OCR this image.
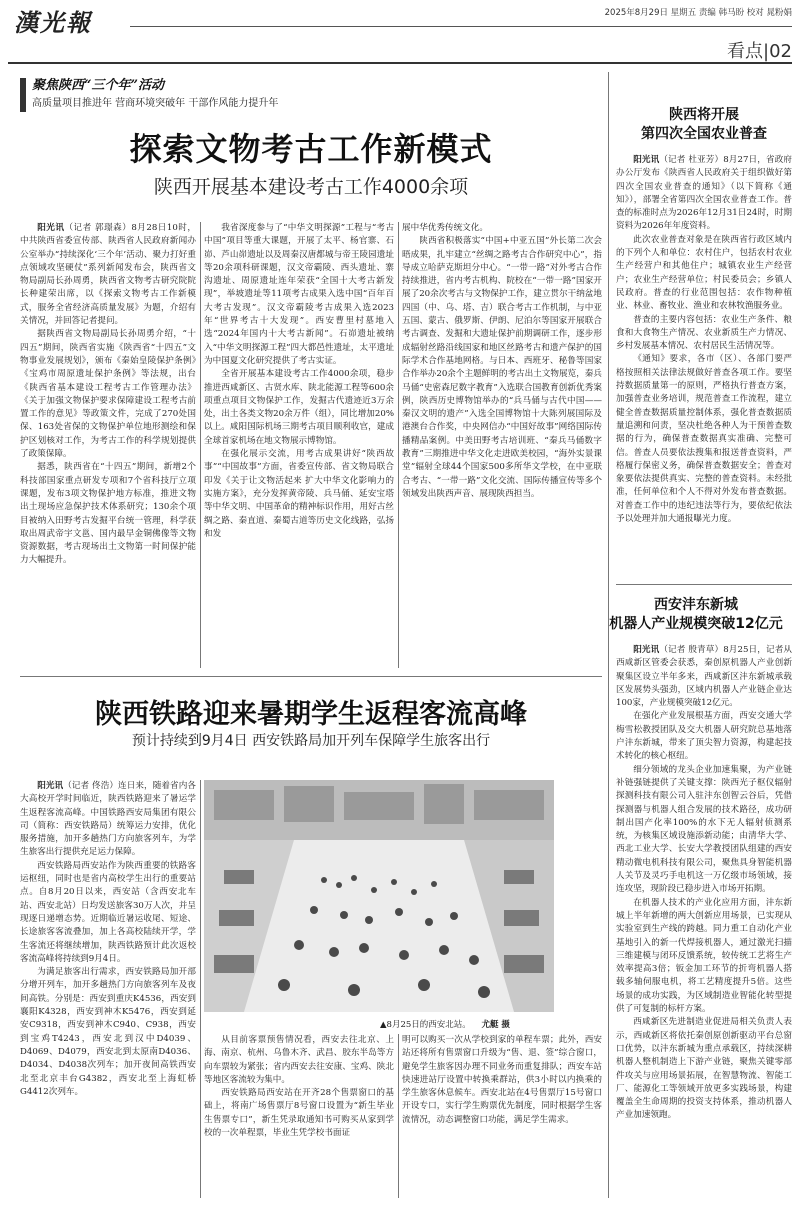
漢光報	2025年8月29日 星期五 责编 韩马盼 校对 晁粉娟
看点|02
聚焦陕西“三个年”活动
高质量项目推进年 营商环境突破年 干部作风能力提升年
探索文物考古工作新模式
陕西开展基本建设考古工作4000余项

阳光讯（记者 郭璟森）8月28日10时，中共陕西省委宣传部、陕西省人民政府新闻办公室举办“持续深化‘三个年’活动、聚力打好重点领域攻坚硬仗”系列新闻发布会，陕西省文物局副局长孙周勇，陕西省文物考古研究院院长种建荣出席，以《探索文物考古工作新模式，服务全省经济高质量发展》为题，介绍有关情况，并回答记者提问。

据陕西省文物局副局长孙周勇介绍，“十四五”期间，陕西省实施《陕西省“十四五”文物事业发展规划》，颁布《秦始皇陵保护条例》《宝鸡市周原遗址保护条例》等法规，出台《陕西省基本建设工程考古工作管理办法》《关于加强文物保护要求保障建设工程考古前置工作的意见》等政策文件，完成了270处国保、163处省保的文物保护单位地形测绘和保护区划核对工作，为考古工作的科学规划提供了政策保障。

据悉，陕西省在“十四五”期间，新增2个科技部国家重点研发专项和7个省科技厅立项课题，发布3项文物保护地方标准，推进文物出土现场应急保护技术体系研究；130余个项目被纳入田野考古发掘平台统一管理，科学获取出周武帝宇文邕、国内最早金铜佛像等文物资源数据，考古现场出土文物第一时间保护能力大幅提升。

我省深度参与了“中华文明探源”工程与“考古中国”项目等重大课题，开展了太平、杨官寨、石峁、芦山峁遗址以及周秦汉唐都城与帝王陵园遗址等20余项科研课题，汉文帝霸陵、西头遗址、寨沟遗址、周原遗址连年荣获“全国十大考古新发现”，举坡遗址等11项考古成果入选中国“百年百大考古发现”。汉文帝霸陵考古成果入选2023年“世界考古十大发现”。西安曹里村墓地入选“2024年国内十大考古新闻”。石峁遗址被纳入“中华文明探源工程”四大都邑性遗址，太平遗址为中国夏文化研究提供了考古实证。

全省开展基本建设考古工作4000余项，稳步推进西咸新区、古贤水库、陕北能源工程等600余项重点项目文物保护工作，发掘古代遗迹近3万余处，出土各类文物20余万件（组），同比增加20%以上。咸阳国际机场三期考古项目顺利收官，建成全球首家机场在地文物展示博物馆。

在强化展示交流，用考古成果讲好“陕西故事”“中国故事”方面，省委宣传部、省文物局联合印发《关于让文物活起来 扩大中华文化影响力的实施方案》，充分发挥黄帝陵、兵马俑、延安宝塔等中华文明、中国革命的精神标识作用，用好古丝绸之路、秦直道、秦蜀古道等历史文化线路，弘扬和发

展中华优秀传统文化。

陕西省积极落实“中国+中亚五国”外长第二次会晤成果，扎牢建立“丝绸之路考古合作研究中心”，指导成立哈萨克斯坦分中心。“一带一路”对外考古合作持续推进，省内考古机构、院校在“一带一路”国家开展了20余次考古与文物保护工作，建立贯尔干纳盆地四国（中、乌、塔、吉）联合考古工作机制，与中亚五国、蒙古、俄罗斯、伊朗、尼泊尔等国家开展联合考古调查、发掘和大遗址保护前期调研工作，逐步形成辐射丝路沿线国家和地区丝路考古和遗产保护的国际学术合作基地网格。与日本、西班牙、秘鲁等国家合作举办20余个主题鲜明的考古出土文物展览，秦兵马俑“史密森尼数字教育”入选联合国教育创新优秀案例，陕西历史博物馆举办的“兵马俑与古代中国——秦汉文明的遗产”入选全国博物馆十大陈列展国际及港澳台合作奖，中央网信办“中国好故事”网络国际传播精品案例。中美田野考古培训班、“秦兵马俑数字教育”三期推进中华文化走进欧美校园，“海外实景课堂”辐射全球44个国家500多所华文学校，在中亚联合考古、“一带一路”文化交流、国际传播宣传等多个领域发出陕西声音、展现陕西担当。

陕西铁路迎来暑期学生返程客流高峰
预计持续到9月4日 西安铁路局加开列车保障学生旅客出行

阳光讯（记者 佟浩）连日来，随着省内各大高校开学时间临近，陕西铁路迎来了暑运学生返程客流高峰。中国铁路西安局集团有限公司（简称：西安铁路局）统筹运力安排，优化服务措施，加开多趟热门方向旅客列车，为学生旅客出行提供充足运力保障。

西安铁路局西安站作为陕西重要的铁路客运枢纽，同时也是省内高校学生出行的重要站点。自8月20日以来，西安站（含西安北车站、西安北站）日均发送旅客30万人次，并呈现逐日递增态势。近期临近暑运收尾、短途、长途旅客客流叠加，加上各高校陆续开学，学生客流还将继续增加，陕西铁路预计此次返校客流高峰将持续到9月4日。

为满足旅客出行需求，西安铁路局加开部分增开列车，加开多趟热门方向旅客列车及夜间高铁。分别是：西安到重庆K4536，西安到襄阳K4328，西安到神木K5476，西安到延安C9318，西安到神木C940、C938，西安到宝鸡T4243，西安北到汉中D4039、D4069、D4079，西安北到太原南D4036、D4034、D4038次列车；加开夜间高铁西安北至北京丰台G4382，西安北至上海虹桥G4412次列车。

▲8月25日的西安北站。 尤艇 摄

从目前客票预售情况看，西安去往北京、上海、南京、杭州、乌鲁木齐、武昌、胶东半岛等方向车票较为紧张；省内西安去往安康、宝鸡、陕北等地区客流较为集中。

西安铁路局西安站在开齐28个售票窗口的基础上，将南广场售票厅8号窗口设置为“新生毕业生售票专口”，新生凭录取通知书可购买从家到学校的一次单程票，毕业生凭学校书面证

明可以购买一次从学校到家的单程车票；此外，西安站还将所有售票窗口升级为“售、退、签”综合窗口，避免学生旅客因办理不同业务而重复排队；西安车站快速进站厅设置中转换乘群站，供3小时以内换乘的学生旅客休息候车。西安北站在4号售票厅15号窗口开设专口，实行学生购票优先制度，同时根据学生客流情况，动态调整窗口功能，满足学生需求。

陕西将开展
第四次全国农业普查

阳光讯（记者 杜亚芳）8月27日，省政府办公厅发布《陕西省人民政府关于组织做好第四次全国农业普查的通知》（以下简称《通知》），部署全省第四次全国农业普查工作。普查的标准时点为2026年12月31日24时，时期资料为2026年年度资料。

此次农业普查对象是在陕西省行政区域内的下列个人和单位：农村住户，包括农村农业生产经营户和其他住户；城镇农业生产经营户；农业生产经营单位；村民委员会；乡镇人民政府。普查的行业范围包括：农作物种植业、林业、畜牧业、渔业和农林牧渔服务业。

普查的主要内容包括：农业生产条件、粮食和大食物生产情况、农业新质生产力情况、乡村发展基本情况、农村居民生活情况等。

《通知》要求，各市（区）、各部门要严格按照相关法律法规做好普查各项工作。要坚持数据质量第一的原则，严格执行普查方案，加强普查业务培训，规范普查工作流程，建立健全普查数据质量控制体系，强化普查数据质量追溯和问责，坚决杜绝各种人为干预普查数据的行为，确保普查数据真实准确、完整可信。普查人员要依法搜集和报送普查资料，严格履行保密义务，确保普查数据安全；普查对象要依法提供真实、完整的普查资料。未经批准，任何单位和个人不得对外发布普查数据。对普查工作中的违纪违法等行为，要依纪依法予以处理并加大通报曝光力度。

西安沣东新城
机器人产业规模突破12亿元

阳光讯（记者 殷青草）8月25日，记者从西咸新区管委会获悉，秦创原机器人产业创新聚集区设立半年多来，西咸新区沣东新城承载区发展势头强劲，区域内机器人产业链企业达100家，产业规模突破12亿元。

在强化产业发展根基方面，西安交通大学梅雪松教授团队及交大机器人研究院总基地落户沣东新城，带来了顶尖智力资源，构建起技术转化的核心枢纽。

细分领域的龙头企业加速集聚，为产业链补链强链提供了关键支撑：陕西光子枢仪辐射探测科技有限公司入驻沣东创智云谷后，凭借探测器与机器人组合发展的技术路径，成功研制出国产化率100%的水下无人辐射侦测系统，为核集区域设施添新动能；由清华大学、西北工业大学、长安大学教授团队组建的西安精动微电机科技有限公司，聚焦具身智能机器人关节及灵巧手电机这一万亿级市场领域，接连攻坚，现阶段已稳步进入市场开拓期。

在机器人技术的产业化应用方面，沣东新城上半年新增的两大创新应用场景，已实现从实验室到生产线的跨越。同力重工自动化产业基地引入的新一代焊接机器人，通过激光扫描三维建模与闭环反馈系统，较传统工艺将生产效率提高3倍；钣金加工环节的折弯机器人搭载多轴伺服电机，将工艺精度提升5倍。这些场景的成功实践，为区域制造业智能化转型提供了可复制的标杆方案。

西咸新区先进制造业促进局相关负责人表示，西咸新区将依托秦创原创新驱动平台总窗口优势，以沣东新城为重点承载区，持续深耕机器人整机制造上下游产业链，聚焦关键零部件攻关与应用场景拓展，在智慧物流、智能工厂、能源化工等领域开放更多实践场景，构建覆盖全生命周期的投资支持体系，推动机器人产业加速领跑。
